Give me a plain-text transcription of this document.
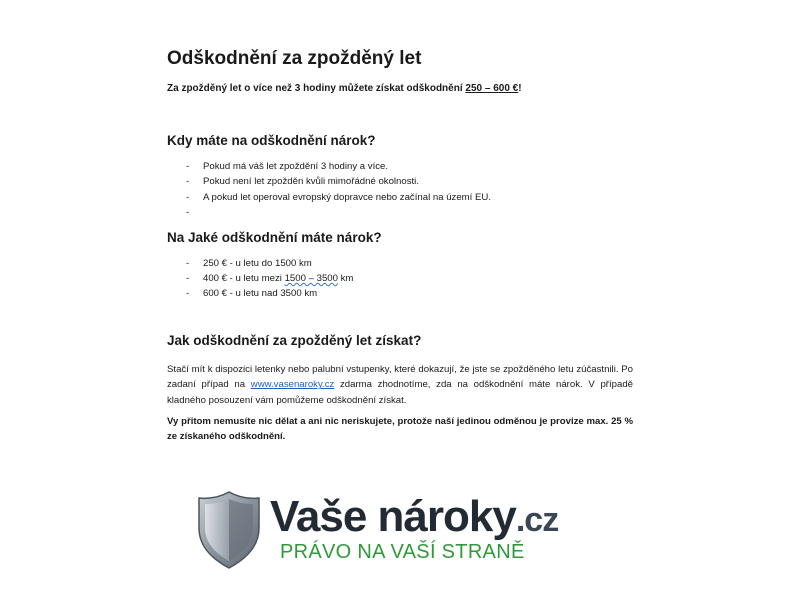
Odškodnění za zpožděný let

Za zpožděný let o více než 3 hodiny můžete získat odškodnění 250 – 600 €!

Kdy máte na odškodnění nárok?
- Pokud má váš let zpoždění 3 hodiny a více.
- Pokud není let zpožděn kvůli mimořádné okolnosti.
- A pokud let operoval evropský dopravce nebo začínal na území EU.
-

Na Jaké odškodnění máte nárok?
- 250 € - u letu do 1500 km
- 400 € - u letu mezi 1500 – 3500 km
- 600 € - u letu nad 3500 km
Jak odškodnění za zpožděný let získat?

Stačí mít k dispozici letenky nebo palubní vstupenky, které dokazují, že jste se zpožděného letu zúčastnili. Po zadaní případ na www.vasenaroky.cz zdarma zhodnotíme, zda na odškodnění máte nárok. V případě kladného posouzení vám pomůžeme odškodnění získat.

Vy přitom nemusíte nic dělat a ani nic neriskujete, protože naší jedinou odměnou je provize max. 25 % ze získaného odškodnění.

Vaše nároky.cz
PRÁVO NA VAŠÍ STRANĚ
